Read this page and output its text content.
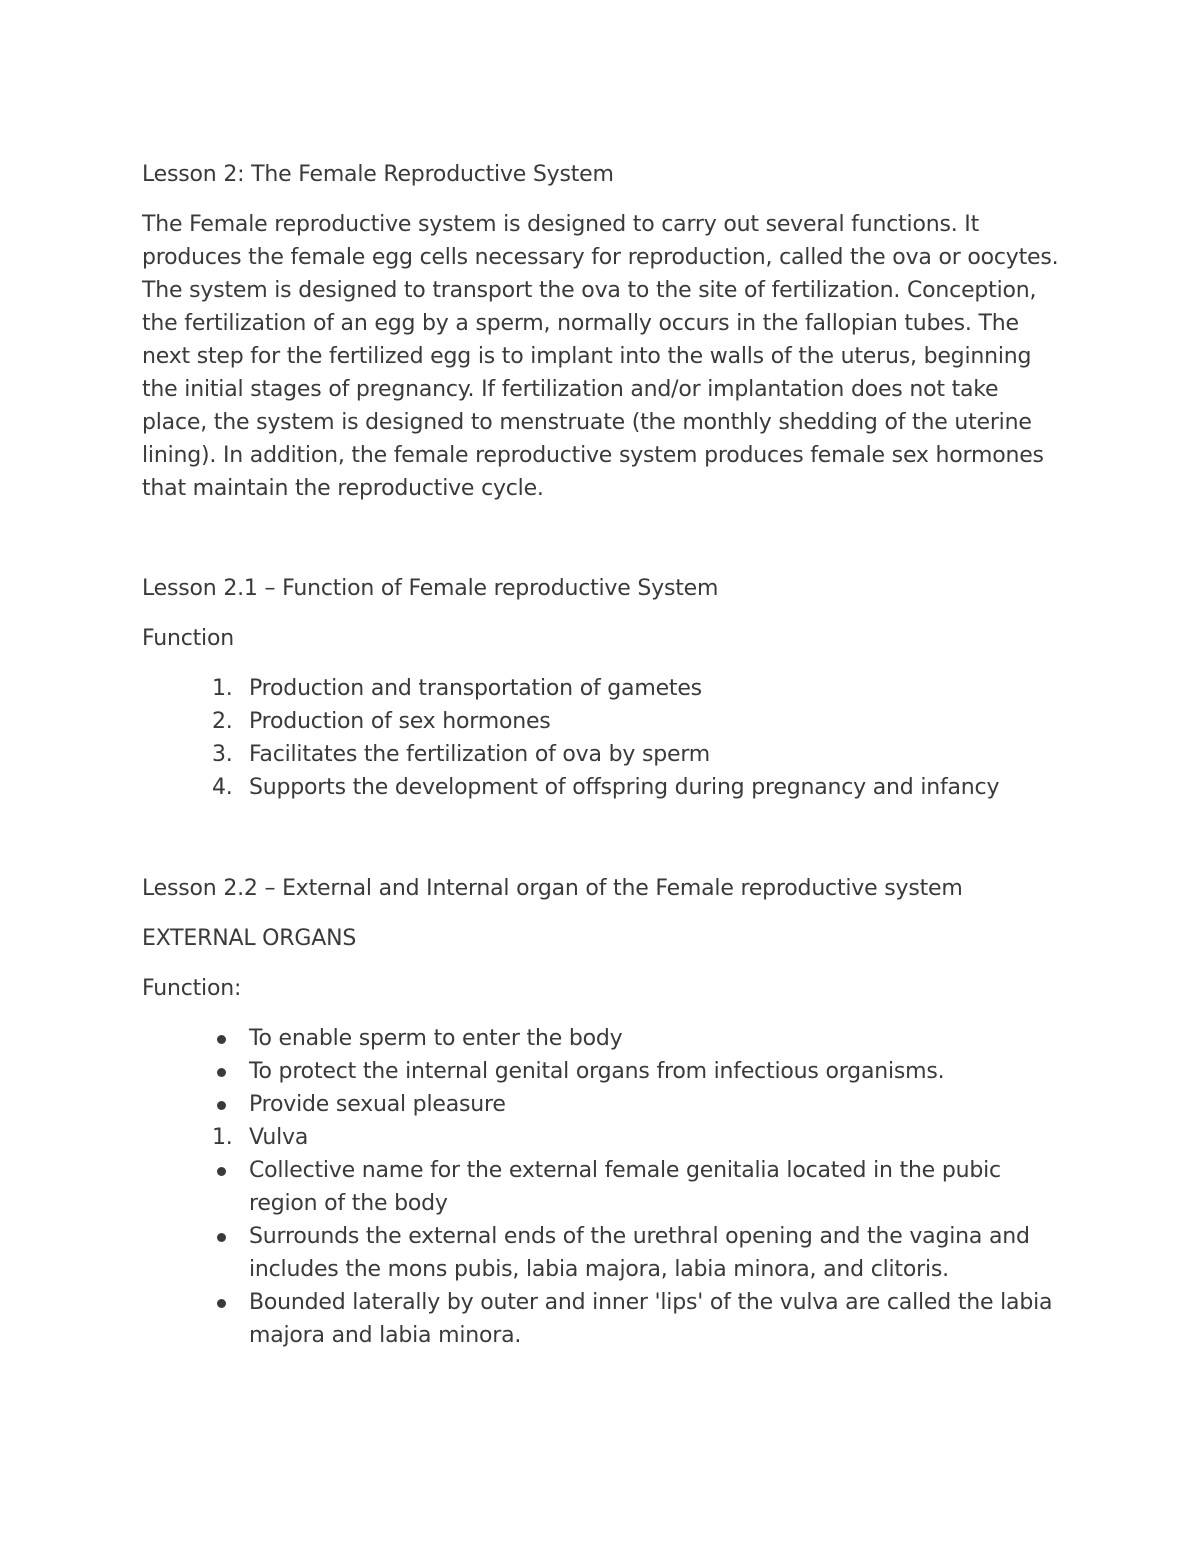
Lesson 2: The Female Reproductive System

The Female reproductive system is designed to carry out several functions. It produces the female egg cells necessary for reproduction, called the ova or oocytes. The system is designed to transport the ova to the site of fertilization. Conception, the fertilization of an egg by a sperm, normally occurs in the fallopian tubes. The next step for the fertilized egg is to implant into the walls of the uterus, beginning the initial stages of pregnancy. If fertilization and/or implantation does not take place, the system is designed to menstruate (the monthly shedding of the uterine lining). In addition, the female reproductive system produces female sex hormones that maintain the reproductive cycle.

Lesson 2.1 – Function of Female reproductive System

Function

1. Production and transportation of gametes
2. Production of sex hormones
3. Facilitates the fertilization of ova by sperm
4. Supports the development of offspring during pregnancy and infancy
Lesson 2.2 – External and Internal organ of the Female reproductive system

EXTERNAL ORGANS

Function:

To enable sperm to enter the body
To protect the internal genital organs from infectious organisms.
Provide sexual pleasure
1. Vulva
Collective name for the external female genitalia located in the pubic region of the body
Surrounds the external ends of the urethral opening and the vagina and includes the mons pubis, labia majora, labia minora, and clitoris.
Bounded laterally by outer and inner 'lips' of the vulva are called the labia majora and labia minora.
